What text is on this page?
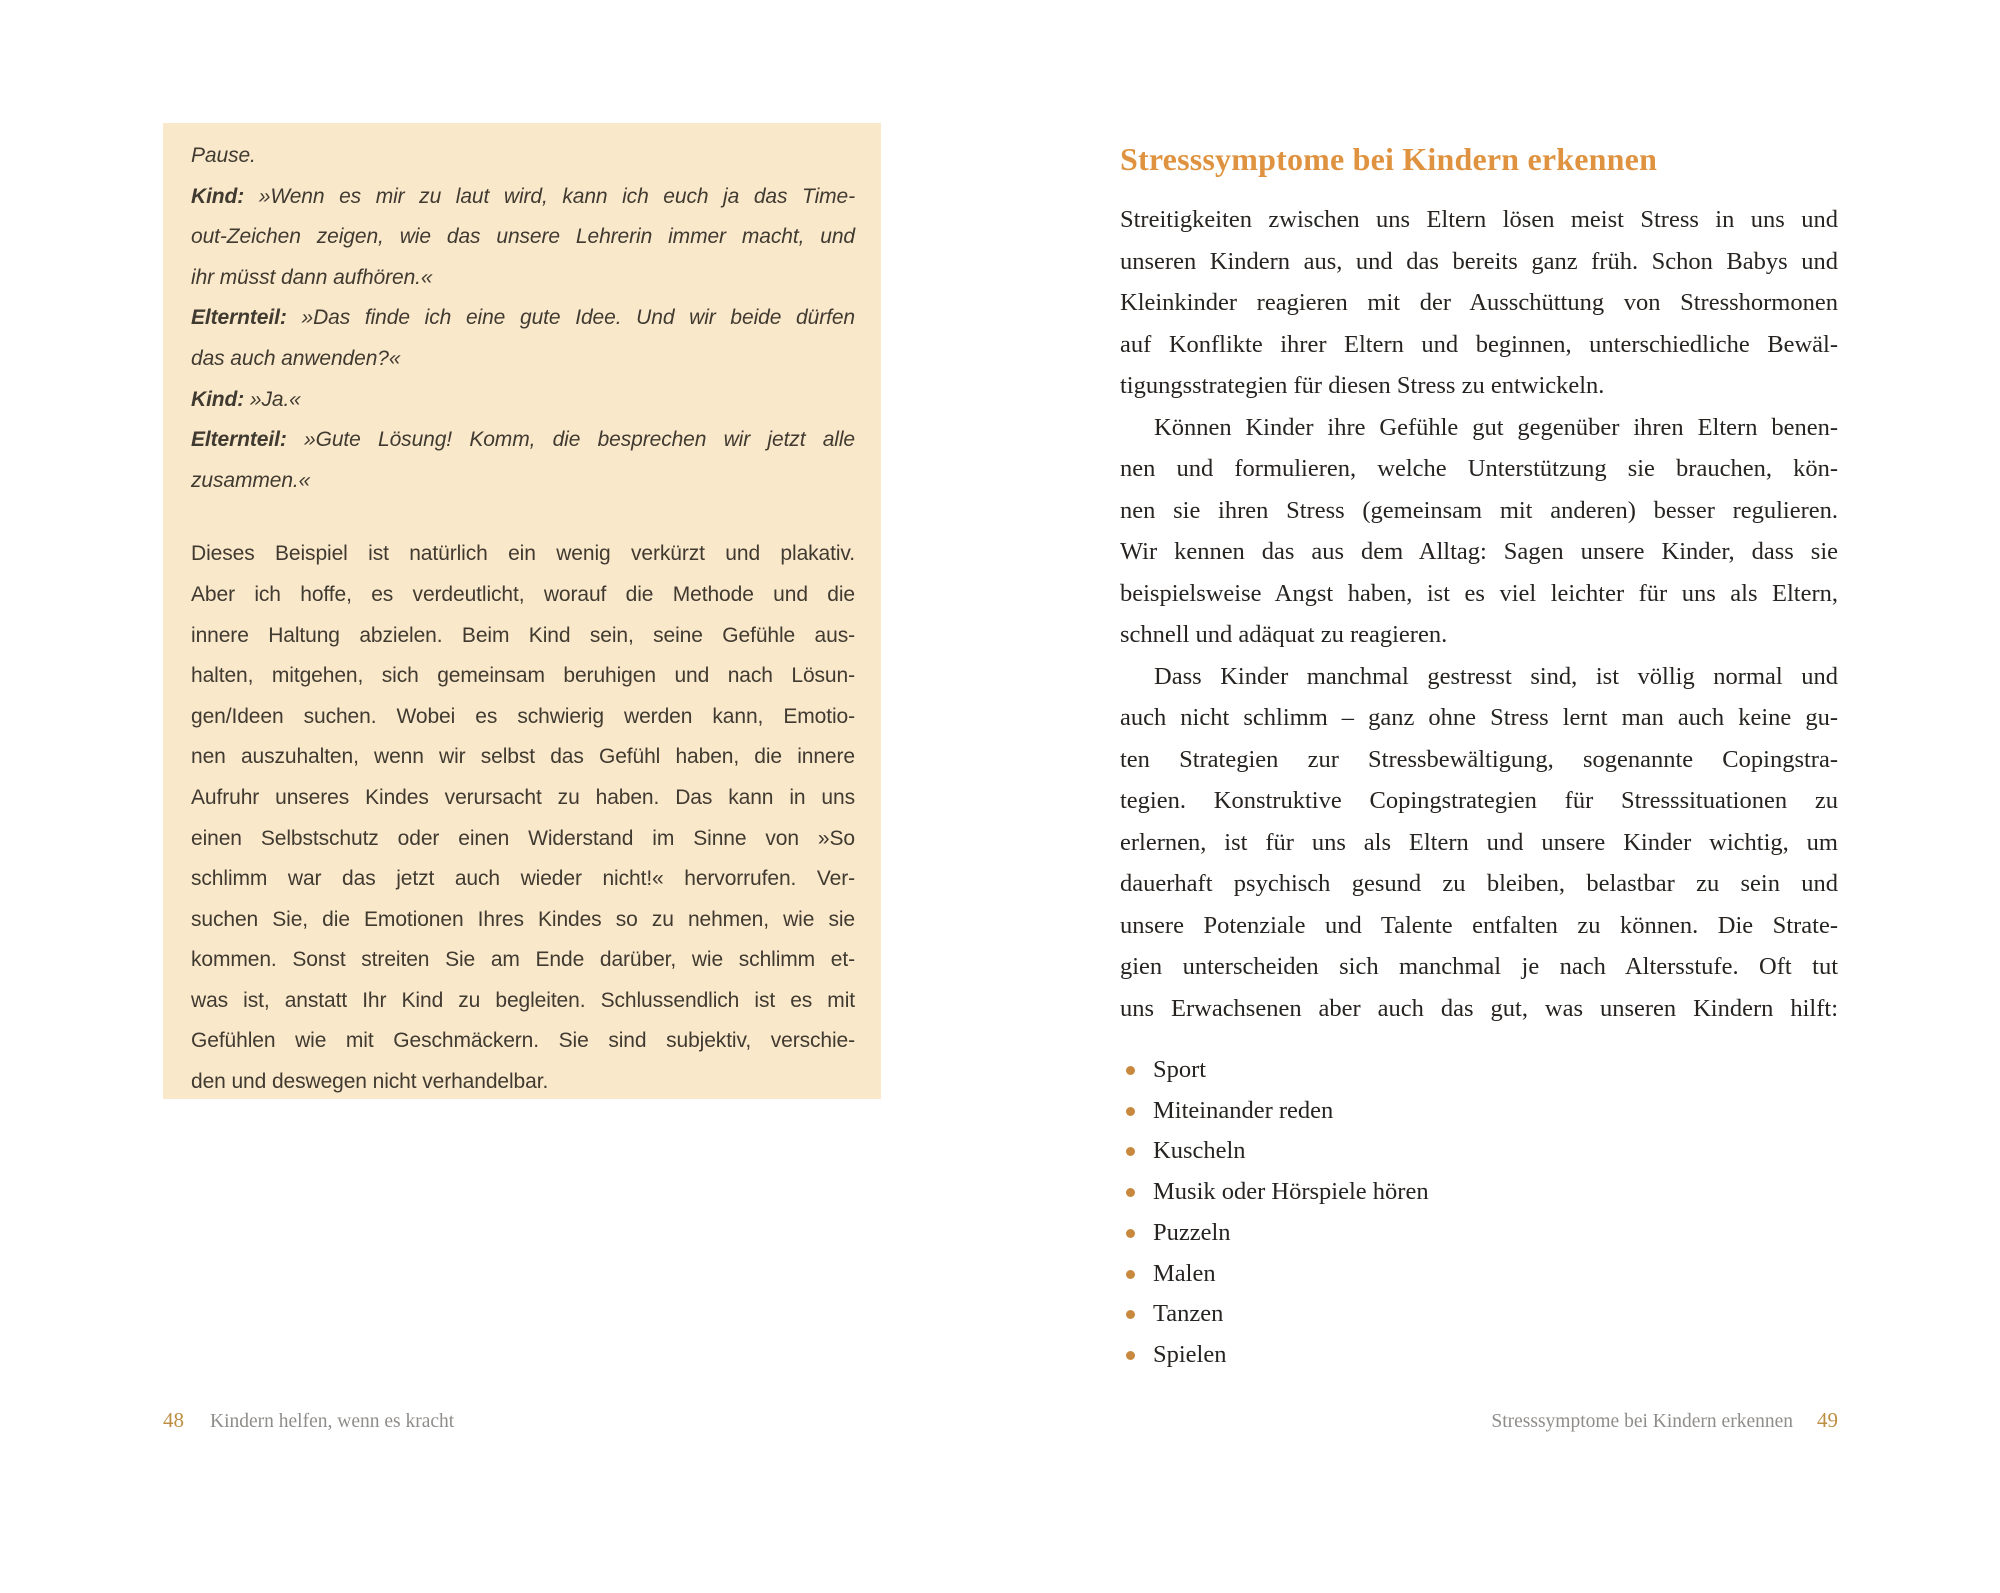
Pause.
Kind: »Wenn es mir zu laut wird, kann ich euch ja das Time-
out-Zeichen zeigen, wie das unsere Lehrerin immer macht, und
ihr müsst dann aufhören.«
Elternteil: »Das finde ich eine gute Idee. Und wir beide dürfen
das auch anwenden?«
Kind: »Ja.«
Elternteil: »Gute Lösung! Komm, die besprechen wir jetzt alle
zusammen.«
Dieses Beispiel ist natürlich ein wenig verkürzt und plakativ.
Aber ich hoffe, es verdeutlicht, worauf die Methode und die
innere Haltung abzielen. Beim Kind sein, seine Gefühle aus-
halten, mitgehen, sich gemeinsam beruhigen und nach Lösun-
gen/Ideen suchen. Wobei es schwierig werden kann, Emotio-
nen auszuhalten, wenn wir selbst das Gefühl haben, die innere
Aufruhr unseres Kindes verursacht zu haben. Das kann in uns
einen Selbstschutz oder einen Widerstand im Sinne von »So
schlimm war das jetzt auch wieder nicht!« hervorrufen. Ver-
suchen Sie, die Emotionen Ihres Kindes so zu nehmen, wie sie
kommen. Sonst streiten Sie am Ende darüber, wie schlimm et-
was ist, anstatt Ihr Kind zu begleiten. Schlussendlich ist es mit
Gefühlen wie mit Geschmäckern. Sie sind subjektiv, verschie-
den und deswegen nicht verhandelbar.
48 Kindern helfen, wenn es kracht
Stresssymptome bei Kindern erkennen
Streitigkeiten zwischen uns Eltern lösen meist Stress in uns und
unseren Kindern aus, und das bereits ganz früh. Schon Babys und
Kleinkinder reagieren mit der Ausschüttung von Stresshormonen
auf Konflikte ihrer Eltern und beginnen, unterschiedliche Bewäl-
tigungsstrategien für diesen Stress zu entwickeln.
Können Kinder ihre Gefühle gut gegenüber ihren Eltern benen-
nen und formulieren, welche Unterstützung sie brauchen, kön-
nen sie ihren Stress (gemeinsam mit anderen) besser regulieren.
Wir kennen das aus dem Alltag: Sagen unsere Kinder, dass sie
beispielsweise Angst haben, ist es viel leichter für uns als Eltern,
schnell und adäquat zu reagieren.
Dass Kinder manchmal gestresst sind, ist völlig normal und
auch nicht schlimm – ganz ohne Stress lernt man auch keine gu-
ten Strategien zur Stressbewältigung, sogenannte Copingstra-
tegien. Konstruktive Copingstrategien für Stresssituationen zu
erlernen, ist für uns als Eltern und unsere Kinder wichtig, um
dauerhaft psychisch gesund zu bleiben, belastbar zu sein und
unsere Potenziale und Talente entfalten zu können. Die Strate-
gien unterscheiden sich manchmal je nach Altersstufe. Oft tut
uns Erwachsenen aber auch das gut, was unseren Kindern hilft:
Sport
Miteinander reden
Kuscheln
Musik oder Hörspiele hören
Puzzeln
Malen
Tanzen
Spielen
Stresssymptome bei Kindern erkennen 49
